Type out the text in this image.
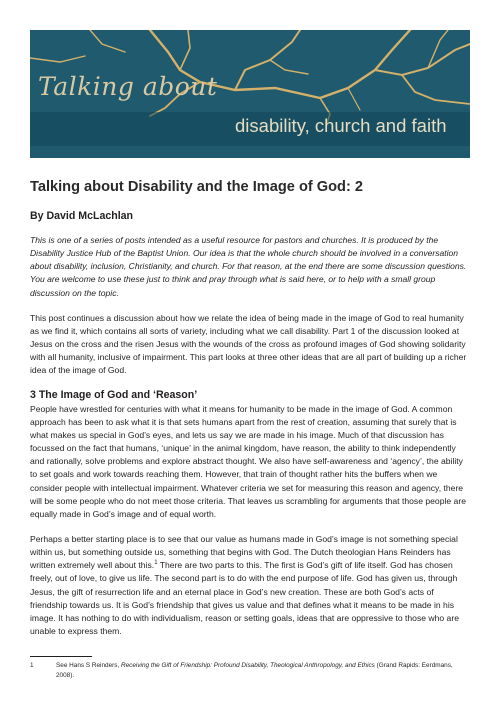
Talking about
disability, church and faith
Talking about Disability and the Image of God: 2

By David McLachlan

This is one of a series of posts intended as a useful resource for pastors and churches. It is produced by the Disability Justice Hub of the Baptist Union. Our idea is that the whole church should be involved in a conversation about disability, inclusion, Christianity, and church. For that reason, at the end there are some discussion questions. You are welcome to use these just to think and pray through what is said here, or to help with a small group discussion on the topic.

This post continues a discussion about how we relate the idea of being made in the image of God to real humanity as we find it, which contains all sorts of variety, including what we call disability. Part 1 of the discussion looked at Jesus on the cross and the risen Jesus with the wounds of the cross as profound images of God showing solidarity with all humanity, inclusive of impairment. This part looks at three other ideas that are all part of building up a richer idea of the image of God.

3 The Image of God and ‘Reason’

People have wrestled for centuries with what it means for humanity to be made in the image of God. A common approach has been to ask what it is that sets humans apart from the rest of creation, assuming that surely that is what makes us special in God’s eyes, and lets us say we are made in his image. Much of that discussion has focussed on the fact that humans, ‘unique’ in the animal kingdom, have reason, the ability to think independently and rationally, solve problems and explore abstract thought. We also have self-awareness and ‘agency’, the ability to set goals and work towards reaching them. However, that train of thought rather hits the buffers when we consider people with intellectual impairment. Whatever criteria we set for measuring this reason and agency, there will be some people who do not meet those criteria. That leaves us scrambling for arguments that those people are equally made in God’s image and of equal worth.

Perhaps a better starting place is to see that our value as humans made in God’s image is not something special within us, but something outside us, something that begins with God. The Dutch theologian Hans Reinders has written extremely well about this.$^1$ There are two parts to this. The first is God’s gift of life itself. God has chosen freely, out of love, to give us life. The second part is to do with the end purpose of life. God has given us, through Jesus, the gift of resurrection life and an eternal place in God’s new creation. These are both God’s acts of friendship towards us. It is God’s friendship that gives us value and that defines what it means to be made in his image. It has nothing to do with individualism, reason or setting goals, ideas that are oppressive to those who are unable to express them.

1	See Hans S Reinders, Receiving the Gift of Friendship: Profound Disability, Theological Anthropology, and Ethics (Grand Rapids: Eerdmans, 2008).
